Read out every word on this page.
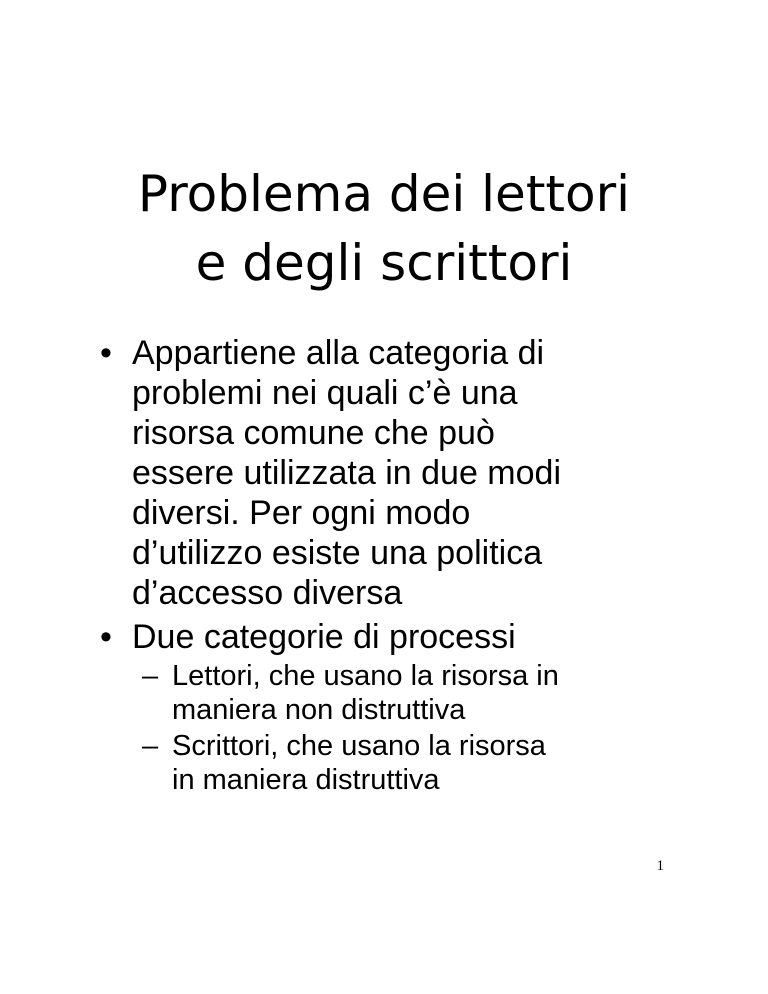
Problema dei lettori
e degli scrittori
• Appartiene alla categoria di
problemi nei quali c’è una
risorsa comune che può
essere utilizzata in due modi
diversi. Per ogni modo
d’utilizzo esiste una politica
d’accesso diversa
• Due categorie di processi
– Lettori, che usano la risorsa in
maniera non distruttiva
– Scrittori, che usano la risorsa
in maniera distruttiva
1
